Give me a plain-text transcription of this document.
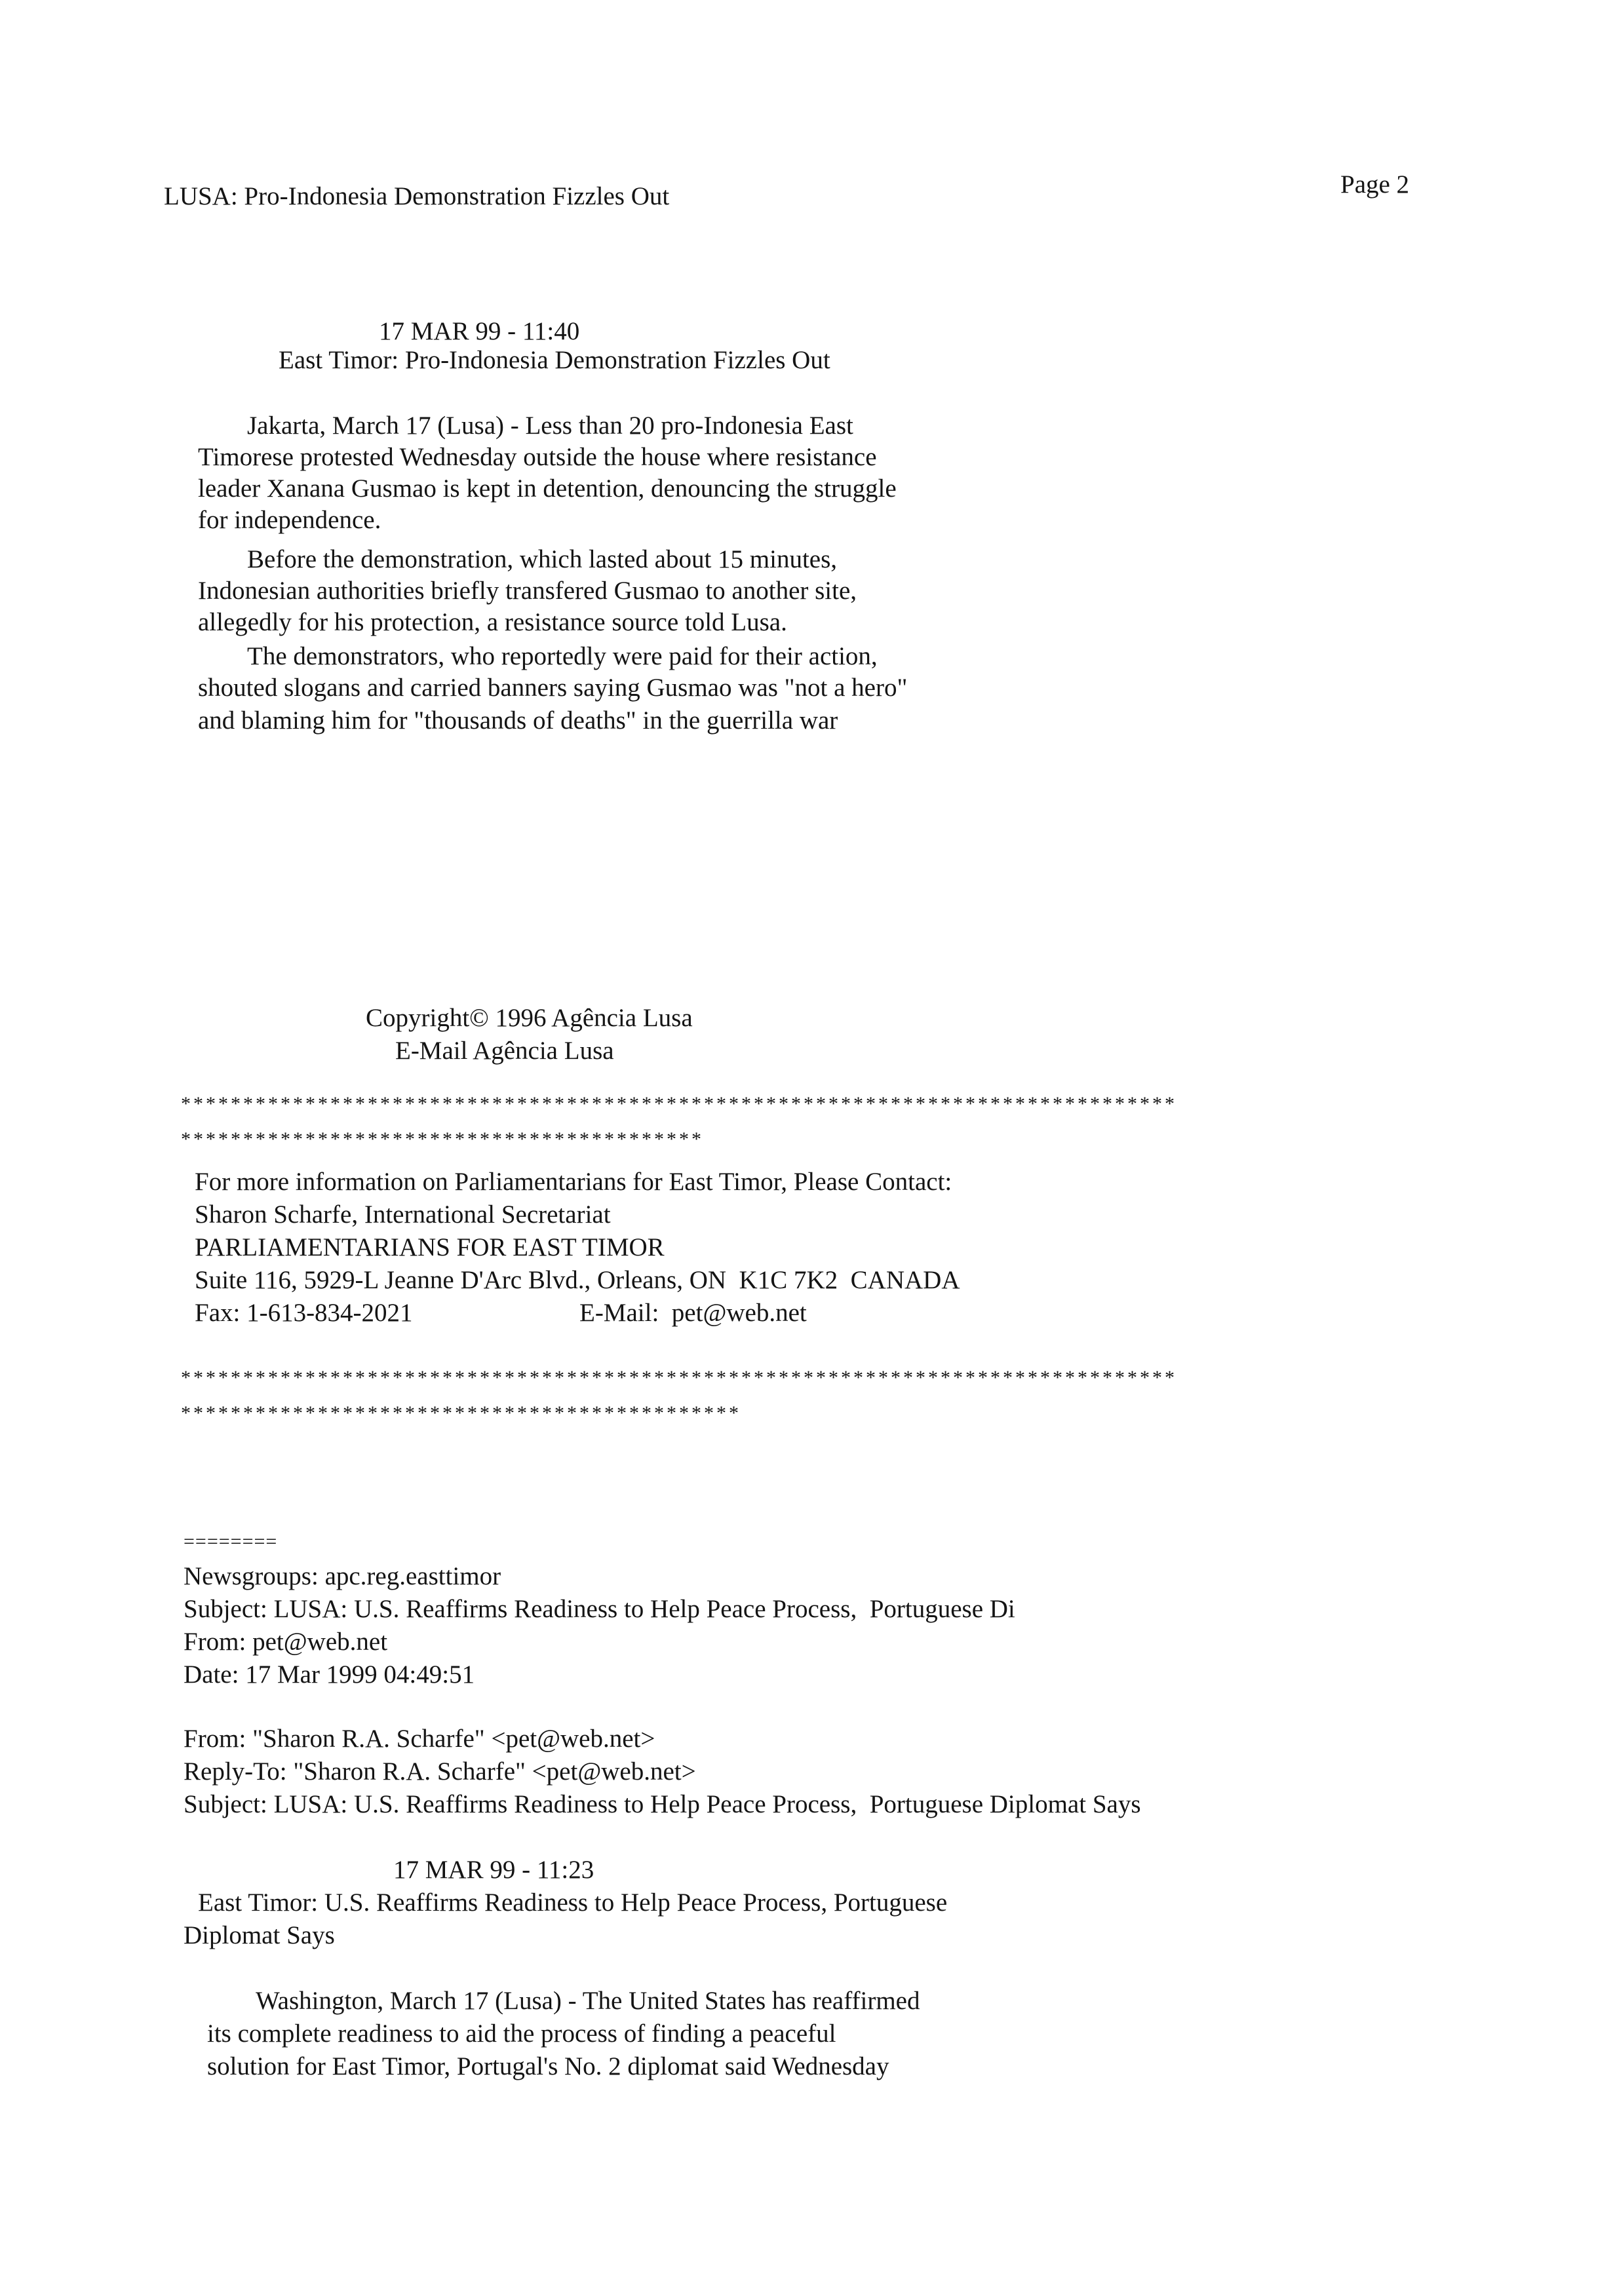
LUSA: Pro-Indonesia Demonstration Fizzles Out	Page 2
17 MAR 99 - 11:40
East Timor: Pro-Indonesia Demonstration Fizzles Out
Jakarta, March 17 (Lusa) - Less than 20 pro-Indonesia East
Timorese protested Wednesday outside the house where resistance
leader Xanana Gusmao is kept in detention, denouncing the struggle
for independence.
Before the demonstration, which lasted about 15 minutes,
Indonesian authorities briefly transfered Gusmao to another site,
allegedly for his protection, a resistance source told Lusa.
The demonstrators, who reportedly were paid for their action,
shouted slogans and carried banners saying Gusmao was "not a hero"
and blaming him for "thousands of deaths" in the guerrilla war
Copyright© 1996 Agência Lusa
E-Mail Agência Lusa
********************************************************************************
******************************************
For more information on Parliamentarians for East Timor, Please Contact:
Sharon Scharfe, International Secretariat
PARLIAMENTARIANS FOR EAST TIMOR
Suite 116, 5929-L Jeanne D'Arc Blvd., Orleans, ON  K1C 7K2  CANADA
Fax: 1-613-834-2021	E-Mail:  pet@web.net
********************************************************************************
*********************************************
========
Newsgroups: apc.reg.easttimor
Subject: LUSA: U.S. Reaffirms Readiness to Help Peace Process,  Portuguese Di
From: pet@web.net
Date: 17 Mar 1999 04:49:51
From: "Sharon R.A. Scharfe" <pet@web.net>
Reply-To: "Sharon R.A. Scharfe" <pet@web.net>
Subject: LUSA: U.S. Reaffirms Readiness to Help Peace Process,  Portuguese Diplomat Says
17 MAR 99 - 11:23
East Timor: U.S. Reaffirms Readiness to Help Peace Process, Portuguese
Diplomat Says
Washington, March 17 (Lusa) - The United States has reaffirmed
its complete readiness to aid the process of finding a peaceful
solution for East Timor, Portugal's No. 2 diplomat said Wednesday
